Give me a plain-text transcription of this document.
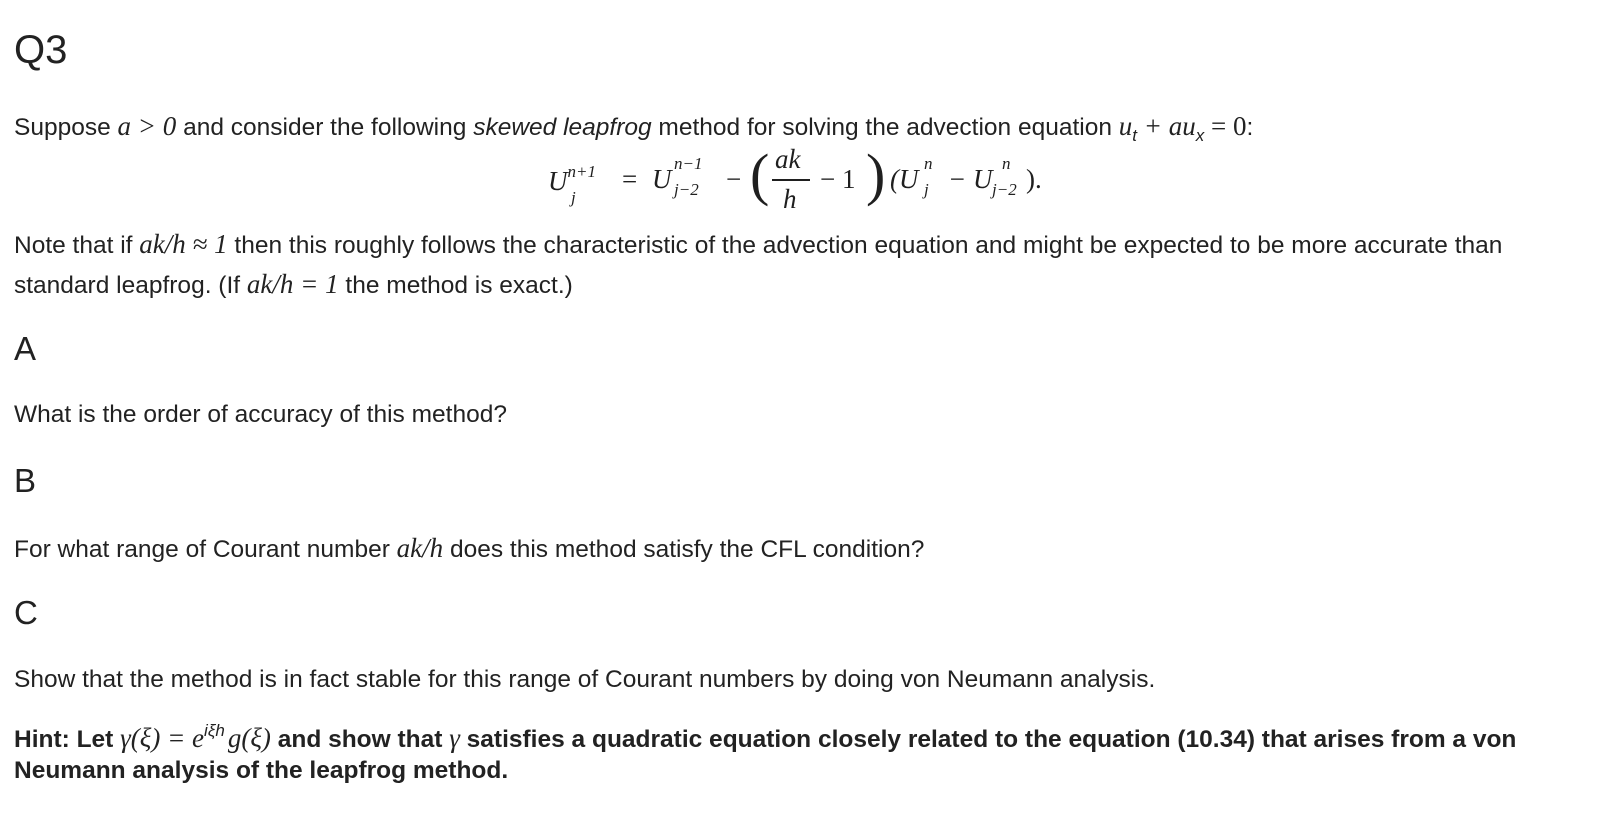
Q3
Suppose a > 0 and consider the following skewed leapfrog method for solving the advection equation $u_t + au_x = 0$:
$U^{n+1}$
j
= U
n−1
j−2 − ( ak
h
− 1 ) (U
n
j − U
n
j−2 ).
Note that if ak/h ≈ 1 then this roughly follows the characteristic of the advection equation and might be expected to be more accurate than
standard leapfrog. (If ak/h = 1 the method is exact.)
A
What is the order of accuracy of this method?
B
For what range of Courant number ak/h does this method satisfy the CFL condition?
C
Show that the method is in fact stable for this range of Courant numbers by doing von Neumann analysis.
Hint: Let $\gamma(\xi) = e^{i\xi h}$ g(ξ) and show that γ satisfies a quadratic equation closely related to the equation (10.34) that arises from a von
Neumann analysis of the leapfrog method.
